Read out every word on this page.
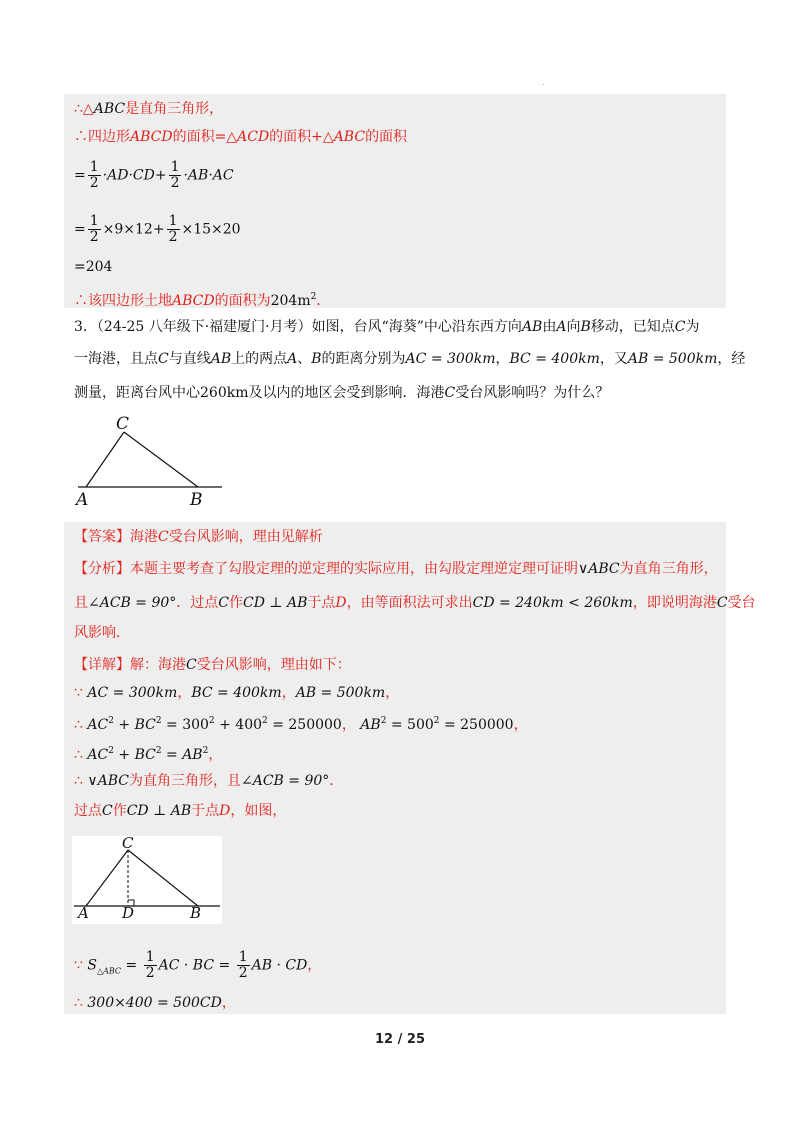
.
∴△ABC是直角三角形，
∴四边形ABCD的面积=△ACD的面积+△ABC的面积
= $\frac{1}{2} \cdot AD\cdot CD+ \frac{1}{2} \cdot AB\cdot AC$
= $\frac{1}{2} \times 9\times 12+ \frac{1}{2} \times 15\times 20$
=204
∴该四边形土地ABCD的面积为$204m^2$．
3．（24-25 八年级下·福建厦门·月考）如图，台风“海葵”中心沿东西方向AB由A向B移动，已知点C为
一海港，且点C与直线AB上的两点A、B的距离分别为AC = 300km，BC = 400km，又AB = 500km，经
测量，距离台风中心260km及以内的地区会受到影响．海港C受台风影响吗？为什么？
C
A	B
【答案】海港C受台风影响，理由见解析
【分析】本题主要考查了勾股定理的逆定理的实际应用，由勾股定理逆定理可证明∨ABC为直角三角形，
且∠ACB = 90°．过点C作CD ⊥ AB于点D，由等面积法可求出CD = 240km < 260km，即说明海港C受台
风影响．
【详解】解：海港C受台风影响，理由如下：
∵ AC = 300km，BC = 400km，AB = 500km，
∴ $AC^2 + BC^2 = 300^2 + 400^2 = 250000$， $AB^2 = 500^2 = 250000$，
∴ $AC^2 + BC^2 = AB^2$，
∴ ∨ABC为直角三角形，且∠ACB = 90°．
过点C作CD ⊥ AB于点D，如图，
C
A D	B
∵ $S_{\triangle ABC} = \frac{1}{2}$ AC · BC = $\frac{1}{2}$ AB · CD，
∴ 300×400 = 500CD，
12 / 25
